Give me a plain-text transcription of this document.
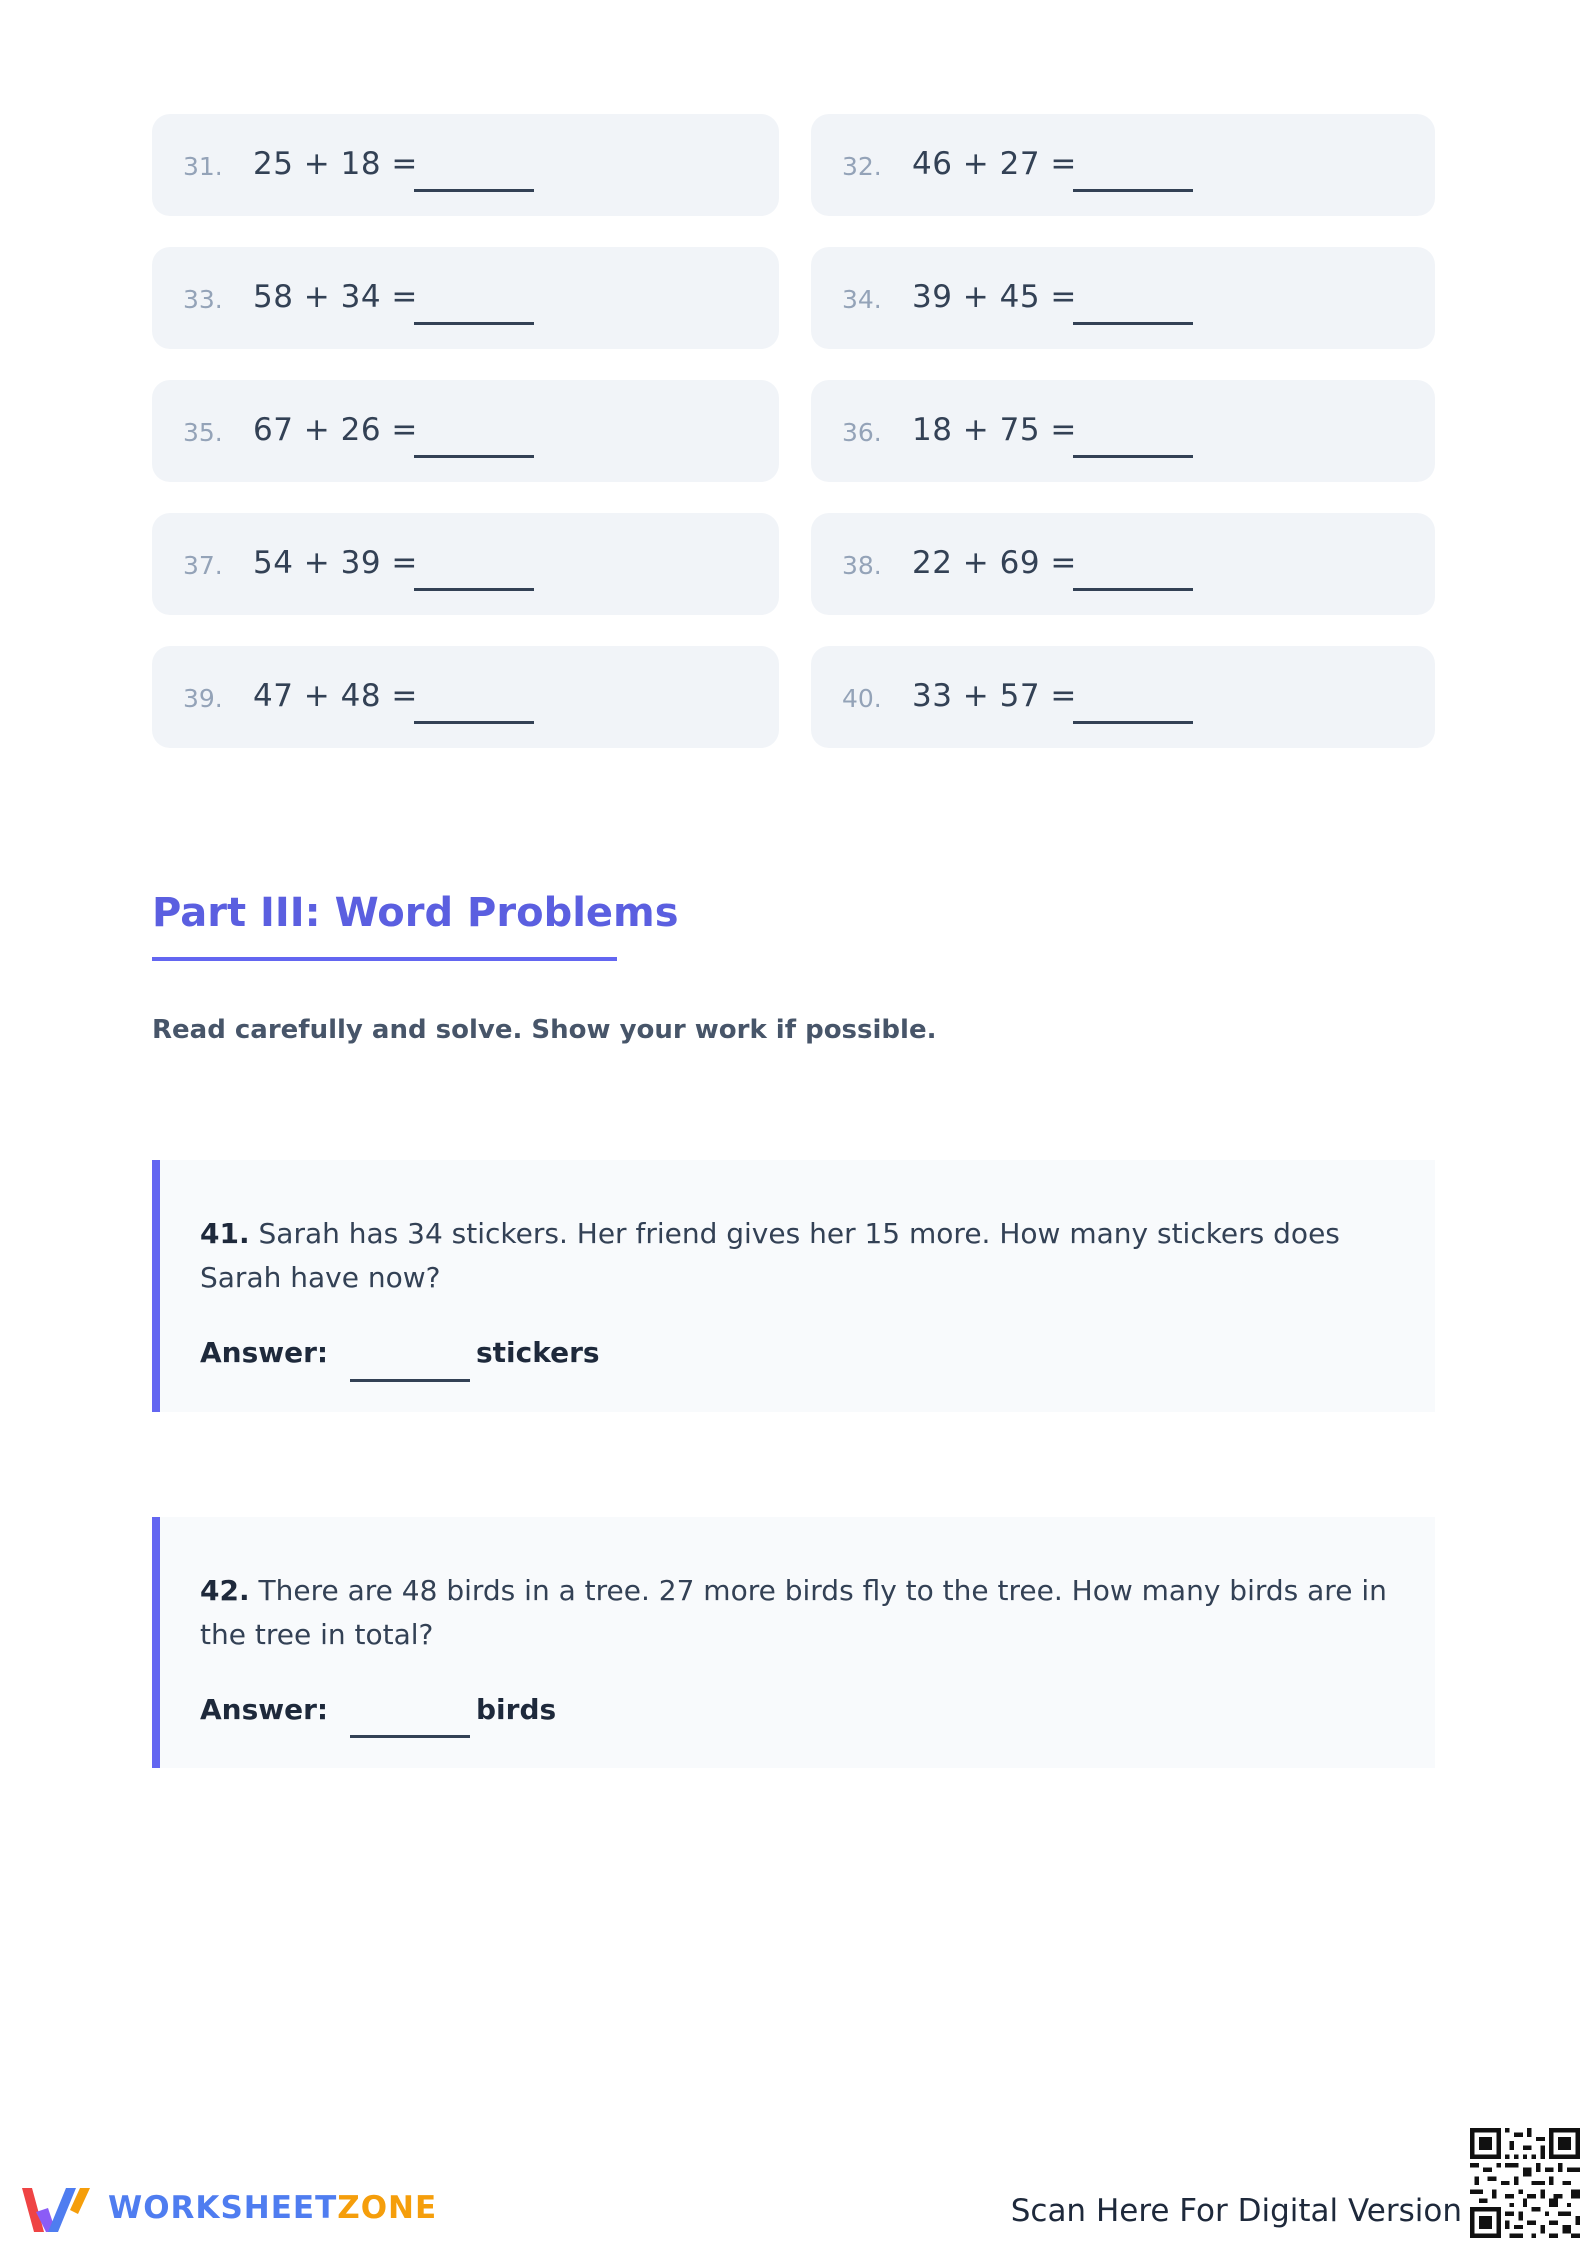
31. 25 + 18 =	32. 46 + 27 =
33. 58 + 34 =	34. 39 + 45 =
35. 67 + 26 =	36. 18 + 75 =
37. 54 + 39 =	38. 22 + 69 =
39. 47 + 48 =	40. 33 + 57 =
Part III: Word Problems
Read carefully and solve. Show your work if possible.
41. Sarah has 34 stickers. Her friend gives her 15 more. How many stickers does Sarah have now?
Answer:	stickers
42. There are 48 birds in a tree. 27 more birds fly to the tree. How many birds are in the tree in total?
Answer:	birds
WORKSHEETZONE	Scan Here For Digital Version
